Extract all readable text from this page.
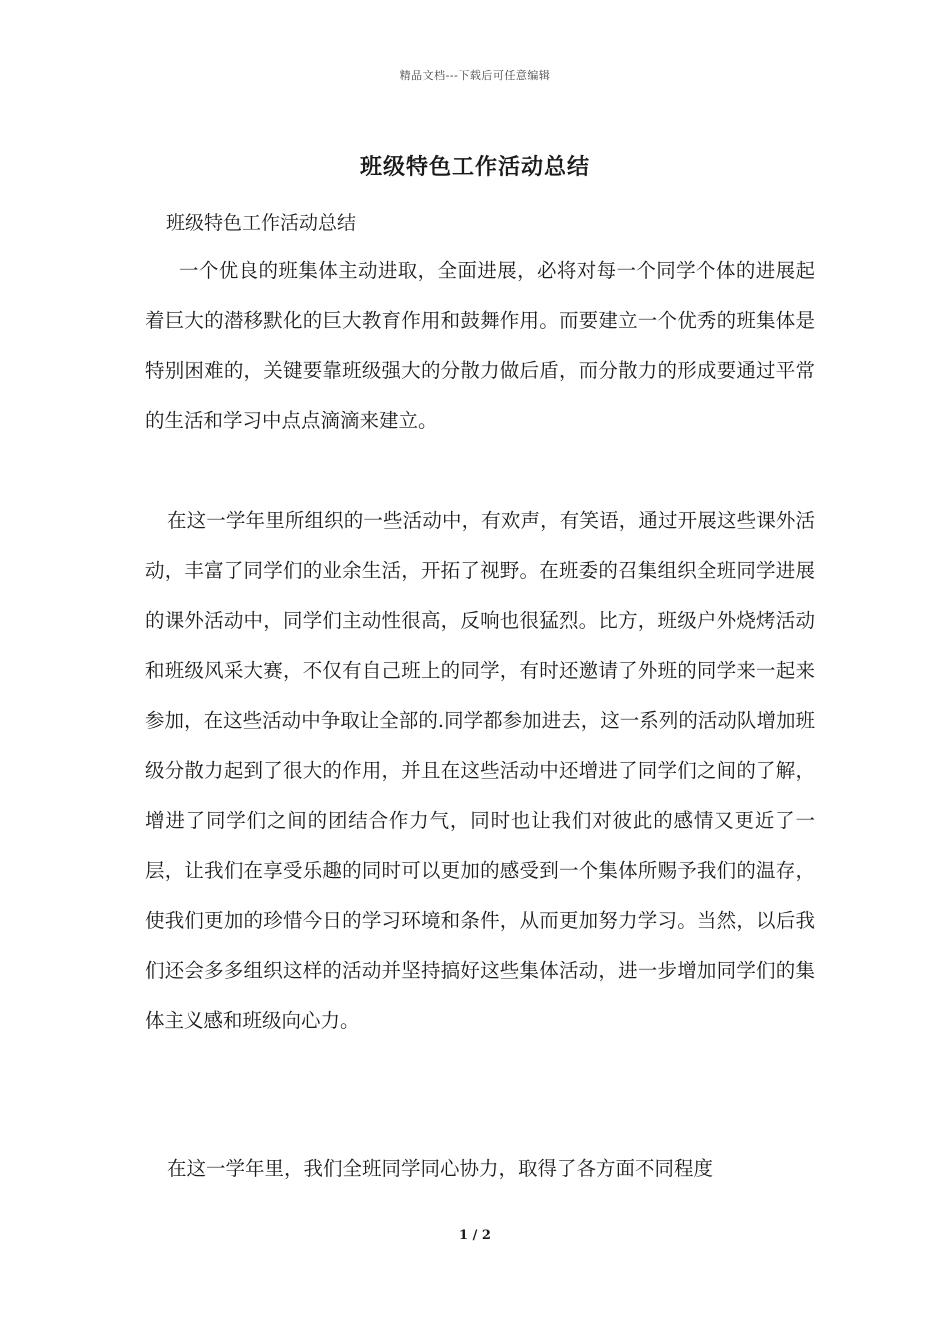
精品文档---下载后可任意编辑
班级特色工作活动总结

班级特色工作活动总结

一个优良的班集体主动进取，全面进展，必将对每一个同学个体的进展起着巨大的潜移默化的巨大教育作用和鼓舞作用。而要建立一个优秀的班集体是特别困难的，关键要靠班级强大的分散力做后盾，而分散力的形成要通过平常的生活和学习中点点滴滴来建立。

在这一学年里所组织的一些活动中，有欢声，有笑语，通过开展这些课外活动，丰富了同学们的业余生活，开拓了视野。在班委的召集组织全班同学进展的课外活动中，同学们主动性很高，反响也很猛烈。比方，班级户外烧烤活动和班级风采大赛，不仅有自己班上的同学，有时还邀请了外班的同学来一起来参加，在这些活动中争取让全部的.同学都参加进去，这一系列的活动队增加班级分散力起到了很大的作用，并且在这些活动中还增进了同学们之间的了解，增进了同学们之间的团结合作力气，同时也让我们对彼此的感情又更近了一层，让我们在享受乐趣的同时可以更加的感受到一个集体所赐予我们的温存，使我们更加的珍惜今日的学习环境和条件，从而更加努力学习。当然，以后我们还会多多组织这样的活动并坚持搞好这些集体活动，进一步增加同学们的集体主义感和班级向心力。

在这一学年里，我们全班同学同心协力，取得了各方面不同程度

1 / 2
